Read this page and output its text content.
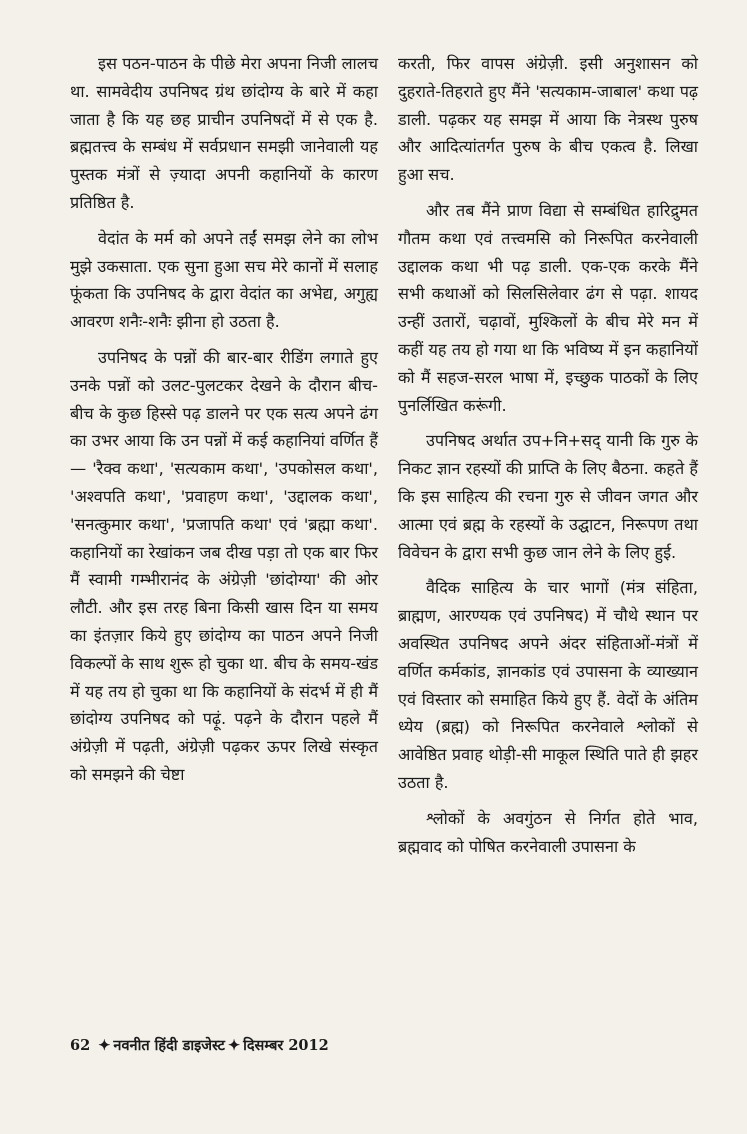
इस पठन-पाठन के पीछे मेरा अपना निजी लालच था. सामवेदीय उपनिषद ग्रंथ छांदोग्य के बारे में कहा जाता है कि यह छह प्राचीन उपनिषदों में से एक है. ब्रह्मतत्त्व के सम्बंध में सर्वप्रधान समझी जानेवाली यह पुस्तक मंत्रों से ज़्यादा अपनी कहानियों के कारण प्रतिष्ठित है.

वेदांत के मर्म को अपने तईं समझ लेने का लोभ मुझे उकसाता. एक सुना हुआ सच मेरे कानों में सलाह फूंकता कि उपनिषद के द्वारा वेदांत का अभेद्य, अगुह्य आवरण शनैः-शनैः झीना हो उठता है.

उपनिषद के पन्नों की बार-बार रीडिंग लगाते हुए उनके पन्नों को उलट-पुलटकर देखने के दौरान बीच-बीच के कुछ हिस्से पढ़ डालने पर एक सत्य अपने ढंग का उभर आया कि उन पन्नों में कई कहानियां वर्णित हैं— 'रैक्व कथा', 'सत्यकाम कथा', 'उपकोसल कथा', 'अश्वपति कथा', 'प्रवाहण कथा', 'उद्दालक कथा', 'सनत्कुमार कथा', 'प्रजापति कथा' एवं 'ब्रह्मा कथा'. कहानियों का रेखांकन जब दीख पड़ा तो एक बार फिर मैं स्वामी गम्भीरानंद के अंग्रेज़ी 'छांदोग्या' की ओर लौटी. और इस तरह बिना किसी खास दिन या समय का इंतज़ार किये हुए छांदोग्य का पाठन अपने निजी विकल्पों के साथ शुरू हो चुका था. बीच के समय-खंड में यह तय हो चुका था कि कहानियों के संदर्भ में ही मैं छांदोग्य उपनिषद को पढ़ूं. पढ़ने के दौरान पहले मैं अंग्रेज़ी में पढ़ती, अंग्रेज़ी पढ़कर ऊपर लिखे संस्कृत को समझने की चेष्टा

करती, फिर वापस अंग्रेज़ी. इसी अनुशासन को दुहराते-तिहराते हुए मैंने 'सत्यकाम-जाबाल' कथा पढ़ डाली. पढ़कर यह समझ में आया कि नेत्रस्थ पुरुष और आदित्यांतर्गत पुरुष के बीच एकत्व है. लिखा हुआ सच.

और तब मैंने प्राण विद्या से सम्बंधित हारिद्रुमत गौतम कथा एवं तत्त्वमसि को निरूपित करनेवाली उद्दालक कथा भी पढ़ डाली. एक-एक करके मैंने सभी कथाओं को सिलसिलेवार ढंग से पढ़ा. शायद उन्हीं उतारों, चढ़ावों, मुश्किलों के बीच मेरे मन में कहीं यह तय हो गया था कि भविष्य में इन कहानियों को मैं सहज-सरल भाषा में, इच्छुक पाठकों के लिए पुनर्लिखित करूंगी.

उपनिषद अर्थात उप+नि+सद् यानी कि गुरु के निकट ज्ञान रहस्यों की प्राप्ति के लिए बैठना. कहते हैं कि इस साहित्य की रचना गुरु से जीवन जगत और आत्मा एवं ब्रह्म के रहस्यों के उद्घाटन, निरूपण तथा विवेचन के द्वारा सभी कुछ जान लेने के लिए हुई.

वैदिक साहित्य के चार भागों (मंत्र संहिता, ब्राह्मण, आरण्यक एवं उपनिषद) में चौथे स्थान पर अवस्थित उपनिषद अपने अंदर संहिताओं-मंत्रों में वर्णित कर्मकांड, ज्ञानकांड एवं उपासना के व्याख्यान एवं विस्तार को समाहित किये हुए हैं. वेदों के अंतिम ध्येय (ब्रह्म) को निरूपित करनेवाले श्लोकों से आवेष्ठित प्रवाह थोड़ी-सी माकूल स्थिति पाते ही झहर उठता है.

श्लोकों के अवगुंठन से निर्गत होते भाव, ब्रह्मवाद को पोषित करनेवाली उपासना के

62 ✦ नवनीत हिंदी डाइजेस्ट ✦ दिसम्बर 2012
